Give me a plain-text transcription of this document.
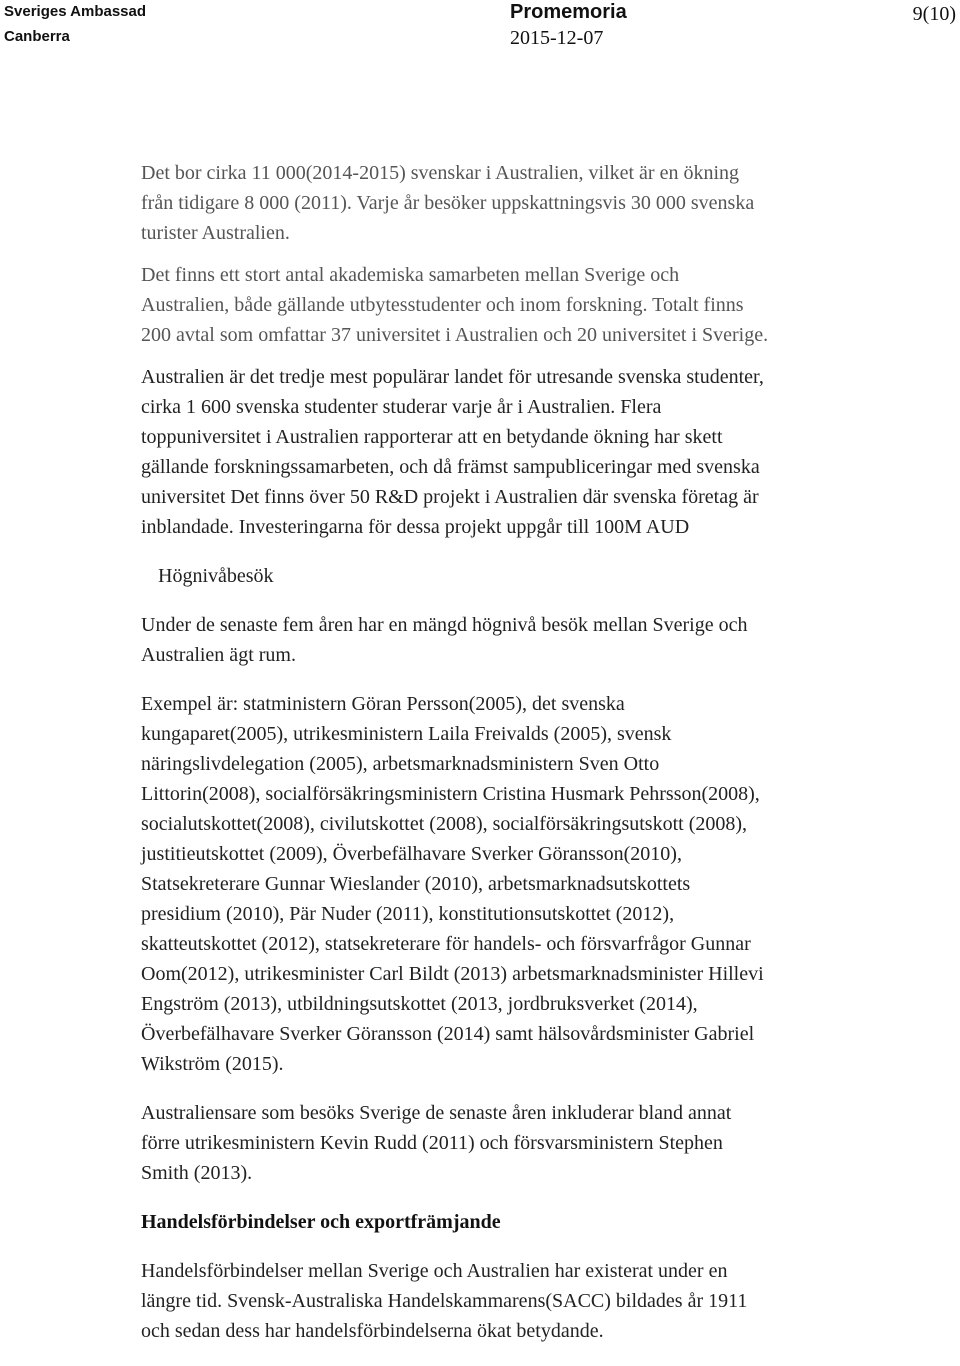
Sveriges Ambassad
Canberra
Promemoria
2015-12-07
9(10)

Det bor cirka 11 000(2014-2015) svenskar i Australien, vilket är en ökning
från tidigare 8 000 (2011). Varje år besöker uppskattningsvis 30 000 svenska
turister Australien.

Det finns ett stort antal akademiska samarbeten mellan Sverige och
Australien, både gällande utbytesstudenter och inom forskning. Totalt finns
200 avtal som omfattar 37 universitet i Australien och 20 universitet i Sverige.

Australien är det tredje mest populärar landet för utresande svenska studenter,
cirka 1 600 svenska studenter studerar varje år i Australien. Flera
toppuniversitet i Australien rapporterar att en betydande ökning har skett
gällande forskningssamarbeten, och då främst sampubliceringar med svenska
universitet Det finns över 50 R&D projekt i Australien där svenska företag är
inblandade. Investeringarna för dessa projekt uppgår till 100M AUD

Högnivåbesök

Under de senaste fem åren har en mängd högnivå besök mellan Sverige och
Australien ägt rum.

Exempel är: statministern Göran Persson(2005), det svenska
kungaparet(2005), utrikesministern Laila Freivalds (2005), svensk
näringslivdelegation (2005), arbetsmarknadsministern Sven Otto
Littorin(2008), socialförsäkringsministern Cristina Husmark Pehrsson(2008),
socialutskottet(2008), civilutskottet (2008), socialförsäkringsutskott (2008),
justitieutskottet (2009), Överbefälhavare Sverker Göransson(2010),
Statsekreterare Gunnar Wieslander (2010), arbetsmarknadsutskottets
presidium (2010), Pär Nuder (2011), konstitutionsutskottet (2012),
skatteutskottet (2012), statsekreterare för handels- och försvarfrågor Gunnar
Oom(2012), utrikesminister Carl Bildt (2013) arbetsmarknadsminister Hillevi
Engström (2013), utbildningsutskottet (2013, jordbruksverket (2014),
Överbefälhavare Sverker Göransson (2014) samt hälsovårdsminister Gabriel
Wikström (2015).

Australiensare som besöks Sverige de senaste åren inkluderar bland annat
förre utrikesministern Kevin Rudd (2011) och försvarsministern Stephen
Smith (2013).

Handelsförbindelser och exportfrämjande

Handelsförbindelser mellan Sverige och Australien har existerat under en
längre tid. Svensk-Australiska Handelskammarens(SACC) bildades år 1911
och sedan dess har handelsförbindelserna ökat betydande.
